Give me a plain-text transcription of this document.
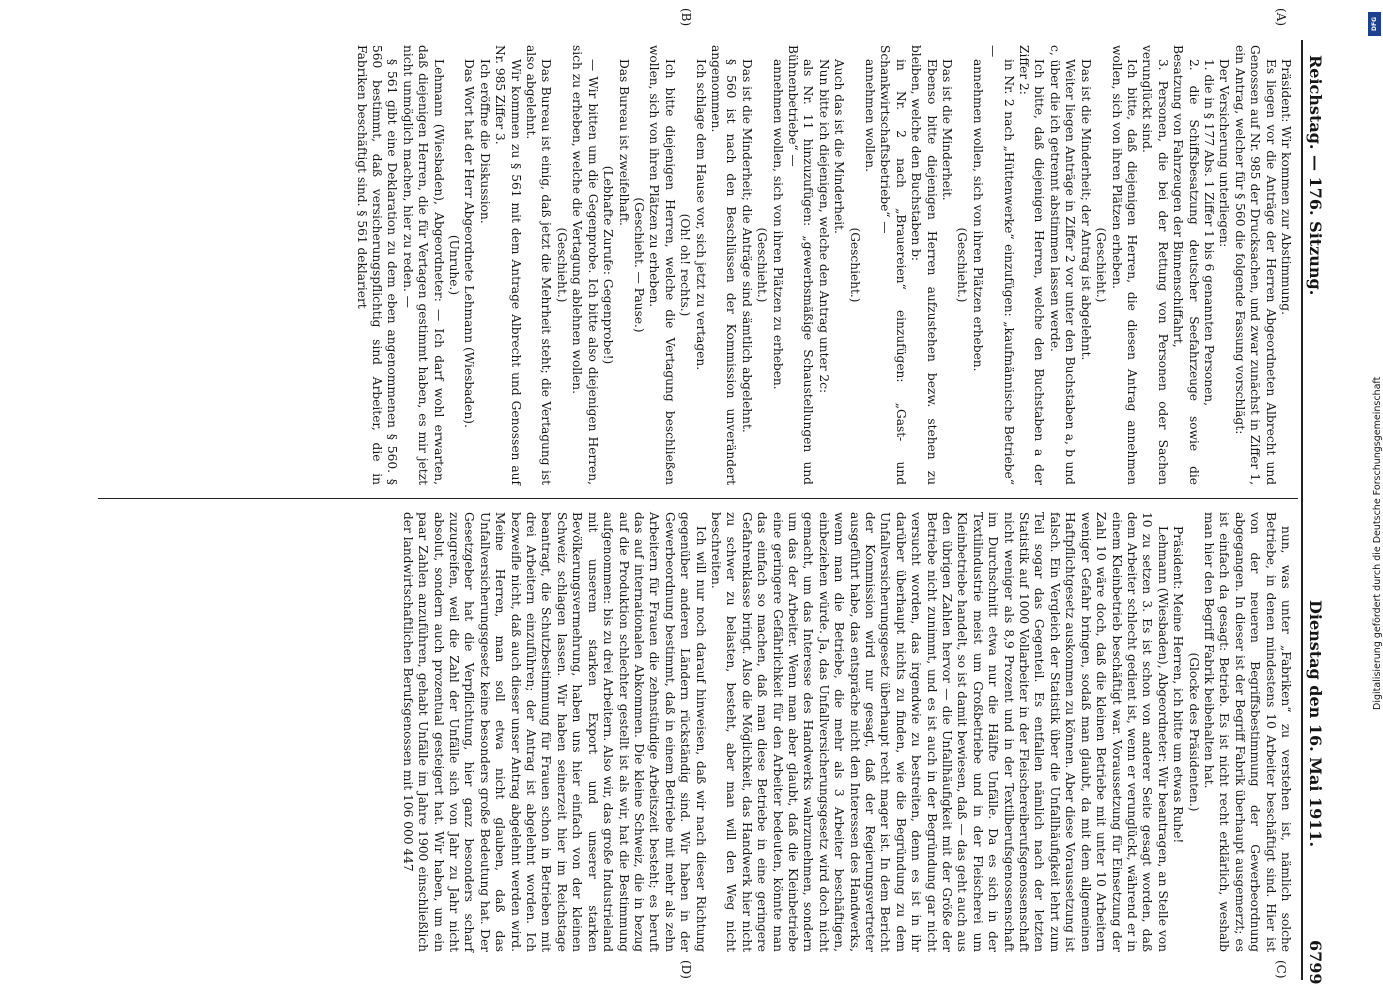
Reichstag. — 176. Sitzung.
Dienstag den 16. Mai 1911.
6799
(A)
(B)
(C)
(D)

Präsident: Wir kommen zur Abstimmung.

Es liegen vor die Anträge der Herren Abgeordneten Albrecht und Genossen auf Nr. 985 der Drucksachen, und zwar zunächst in Ziffer 1, ein Antrag, welcher für § 560 die folgende Fassung vorschlägt:

Der Versicherung unterliegen:

1. die in § 177 Abs. 1 Ziffer 1 bis 6 genannten Personen,

2. die Schiffsbesatzung deutscher Seefahrzeuge sowie die Besatzung von Fahrzeugen der Binnenschiffahrt,

3. Personen, die bei der Rettung von Personen oder Sachen verunglückt sind.

Ich bitte, daß diejenigen Herren, die diesen Antrag annehmen wollen, sich von ihren Plätzen erheben.

(Geschieht.)

Das ist die Minderheit; der Antrag ist abgelehnt.

Weiter liegen Anträge in Ziffer 2 vor unter den Buchstaben a, b und c, über die ich getrennt abstimmen lassen werde.

Ich bitte, daß diejenigen Herren, welche den Buchstaben a der Ziffer 2:

in Nr. 2 nach „Hüttenwerke“ einzufügen: „kaufmännische Betriebe“ —

annehmen wollen, sich von ihren Plätzen erheben.

(Geschieht.)

Das ist die Minderheit.

Ebenso bitte diejenigen Herren aufzustehen bezw. stehen zu bleiben, welche den Buchstaben b:

in Nr. 2 nach „Brauereien“ einzufügen: „Gast- und Schankwirtschaftsbetriebe“ —

annehmen wollen.

(Geschieht.)

Auch das ist die Minderheit.

Nun bitte ich diejenigen, welche den Antrag unter 2c:

als Nr. 11 hinzuzufügen: „gewerbsmäßige Schaustellungen und Bühnenbetriebe“ —

annehmen wollen, sich von ihren Plätzen zu erheben.

(Geschieht.)

Das ist die Minderheit; die Anträge sind sämtlich abgelehnt.

§ 560 ist nach den Beschlüssen der Kommission unverändert angenommen.

Ich schlage dem Hause vor, sich jetzt zu vertagen.

(Oh! oh! rechts.)

Ich bitte diejenigen Herren, welche die Vertagung beschließen wollen, sich von ihren Plätzen zu erheben.

(Geschieht. — Pause.)

Das Bureau ist zweifelhaft.

(Lebhafte Zurufe: Gegenprobe!)

— Wir bitten um die Gegenprobe. Ich bitte also diejenigen Herren, sich zu erheben, welche die Vertagung ablehnen wollen.

(Geschieht.)

Das Bureau ist einig, daß jetzt die Mehrheit steht; die Vertagung ist also abgelehnt.

Wir kommen zu § 561 mit dem Antrage Albrecht und Genossen auf Nr. 985 Ziffer 3.

Ich eröffne die Diskussion.

Das Wort hat der Herr Abgeordnete Lehmann (Wiesbaden).

(Unruhe.)

Lehmann (Wiesbaden), Abgeordneter: — Ich darf wohl erwarten, daß diejenigen Herren, die für Vertagen gestimmt haben, es mir jetzt nicht unmöglich machen, hier zu reden. —

§ 561 gibt eine Deklaration zu dem eben angenommenen § 560. § 560 bestimmt, daß versicherungspflichtig sind Arbeiter, die in Fabriken beschäftigt sind. § 561 deklariert

nun, was unter „Fabriken“ zu verstehen ist, nämlich solche Betriebe, in denen mindestens 10 Arbeiter beschäftigt sind. Hier ist von der neueren Begriffsbestimmung der Gewerbeordnung abgegangen. In dieser ist der Begriff Fabrik überhaupt ausgemerzt; es ist einfach da gesagt: Betrieb. Es ist nicht recht erklärlich, weshalb man hier den Begriff Fabrik beibehalten hat.

(Glocke des Präsidenten.)

Präsident: Meine Herren, ich bitte um etwas Ruhe!

Lehmann (Wiesbaden), Abgeordneter: Wir beantragen, an Stelle von 10 zu setzen 3. Es ist schon von anderer Seite gesagt worden, daß dem Arbeiter schlecht gedient ist, wenn er verunglückt, während er in einem Kleinbetrieb beschäftigt war. Voraussetzung für Einsetzung der Zahl 10 wäre doch, daß die kleinen Betriebe mit unter 10 Arbeitern weniger Gefahr bringen, sodaß man glaubt, da mit dem allgemeinen Haftpflichtgesetz auskommen zu können. Aber diese Voraussetzung ist falsch. Ein Vergleich der Statistik über die Unfallhäufigkeit lehrt zum Teil sogar das Gegenteil. Es entfallen nämlich nach der letzten Statistik auf 1000 Vollarbeiter in der Fleischereiberufsgenossenschaft nicht weniger als 8,9 Prozent und in der Textilberufsgenossenschaft im Durchschnitt etwa nur die Hälfte Unfälle. Da es sich in der Textilindustrie meist um Großbetriebe und in der Fleischerei um Kleinbetriebe handelt, so ist damit bewiesen, daß — das geht auch aus den übrigen Zahlen hervor — die Unfallhäufigkeit mit der Größe der Betriebe nicht zunimmt, und es ist auch in der Begründung gar nicht versucht worden, das irgendwie zu bestreiten, denn es ist in ihr darüber überhaupt nichts zu finden, wie die Begründung zu dem Unfallversicherungsgesetz überhaupt recht mager ist. In dem Bericht der Kommission wird nur gesagt, daß der Regierungsvertreter ausgeführt habe, das entspräche nicht den Interessen des Handwerks, wenn man die Betriebe, die mehr als 3 Arbeiter beschäftigen, einbeziehen würde. Ja, das Unfallversicherungsgesetz wird doch nicht gemacht, um das Interesse des Handwerks wahrzunehmen, sondern um das der Arbeiter. Wenn man aber glaubt, daß die Kleinbetriebe eine geringere Gefährlichkeit für den Arbeiter bedeuten, könnte man das einfach so machen, daß man diese Betriebe in eine geringere Gefahrenklasse bringt. Also die Möglichkeit, das Handwerk hier nicht zu schwer zu belasten, besteht, aber man will den Weg nicht beschreiten.

Ich will nur noch darauf hinweisen, daß wir nach dieser Richtung gegenüber anderen Ländern rückständig sind. Wir haben in der Gewerbeordnung bestimmt, daß in einem Betriebe mit mehr als zehn Arbeitern für Frauen die zehnstündige Arbeitszeit besteht; es beruft das auf internationalen Abkommen. Die kleine Schweiz, die in bezug auf die Produktion schlechter gestellt ist als wir, hat die Bestimmung aufgenommen: bis zu drei Arbeitern. Also wir, das große Industrieland mit unserem starken Export und unserer starken Bevölkerungsvermehrung, haben uns hier einfach von der kleinen Schweiz schlagen lassen. Wir haben seinerzeit hier im Reichstage beantragt, die Schutzbestimmung für Frauen schon in Betrieben mit drei Arbeitern einzuführen; der Antrag ist abgelehnt worden. Ich bezweifle nicht, daß auch dieser unser Antrag abgelehnt werden wird. Meine Herren, man soll etwa nicht glauben, daß das Unfallversicherungsgesetz keine besonders große Bedeutung hat. Der Gesetzgeber hat die Verpflichtung, hier ganz besonders scharf zuzugreifen, weil die Zahl der Unfälle sich von Jahr zu Jahr nicht absolut, sondern auch prozentual gesteigert hat. Wir haben, um ein paar Zahlen anzuführen, gehabt Unfälle im Jahre 1900 einschließlich der landwirtschaftlichen Berufsgenossen mit 106 000 447	Digitalisierung gefördert durch die Deutsche Forschungsgemeinschaft
DFG
